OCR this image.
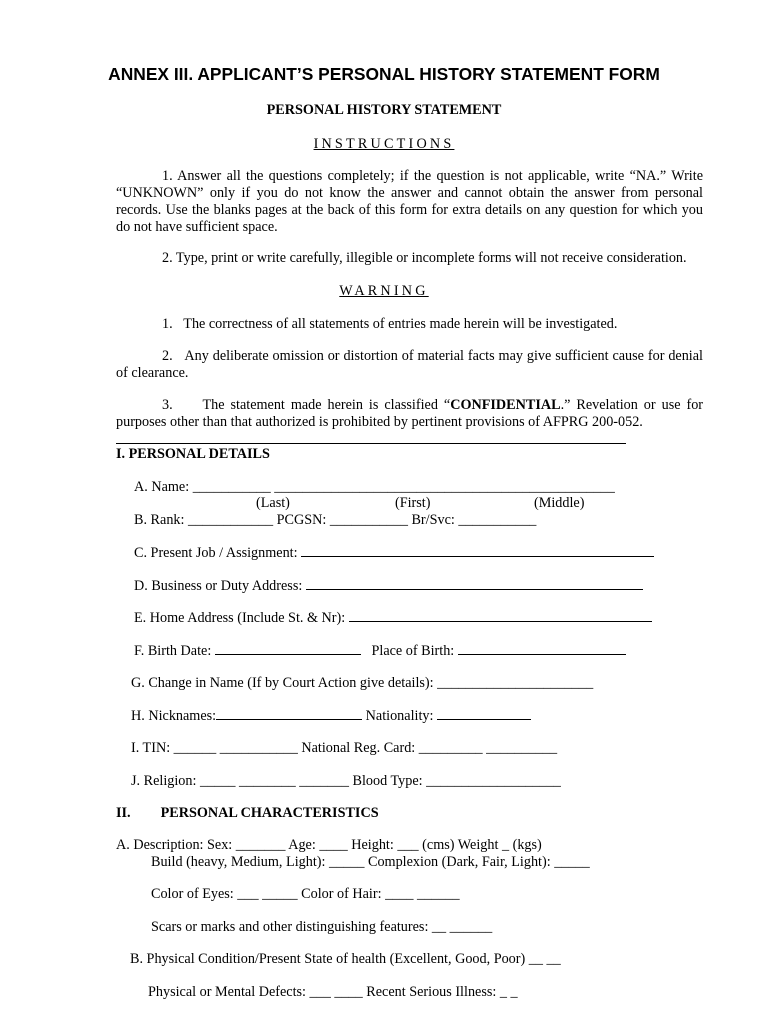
ANNEX III. APPLICANT’S PERSONAL HISTORY STATEMENT FORM
PERSONAL HISTORY STATEMENT
INSTRUCTIONS
1. Answer all the questions completely; if the question is not applicable, write “NA.” Write “UNKNOWN” only if you do not know the answer and cannot obtain the answer from personal records. Use the blanks pages at the back of this form for extra details on any question for which you do not have sufficient space.
2. Type, print or write carefully, illegible or incomplete forms will not receive consideration.
WARNING
1. The correctness of all statements of entries made herein will be investigated.
2. Any deliberate omission or distortion of material facts may give sufficient cause for denial of clearance.
3. The statement made herein is classified “CONFIDENTIAL.” Revelation or use for purposes other than that authorized is prohibited by pertinent provisions of AFPRG 200-052.
I. PERSONAL DETAILS
A. Name: ___________ ________________________________________________
(Last)	(First)	(Middle)
B. Rank: ____________ PCGSN: ___________ Br/Svc: ___________
C. Present Job / Assignment:
D. Business or Duty Address:
E. Home Address (Include St. & Nr):
F. Birth Date:	Place of Birth:
G. Change in Name (If by Court Action give details): ______________________
H. Nicknames:	Nationality:
I. TIN: ______ ___________ National Reg. Card: _________ __________
J. Religion: _____ ________ _______ Blood Type: ___________________
II. PERSONAL CHARACTERISTICS
A. Description: Sex: _______ Age: ____ Height: ___ (cms) Weight _ (kgs)
Build (heavy, Medium, Light): _____ Complexion (Dark, Fair, Light): _____
Color of Eyes: ___ _____ Color of Hair: ____ ______
Scars or marks and other distinguishing features: __ ______
B. Physical Condition/Present State of health (Excellent, Good, Poor) __ __
Physical or Mental Defects: ___ ____ Recent Serious Illness: _ _
